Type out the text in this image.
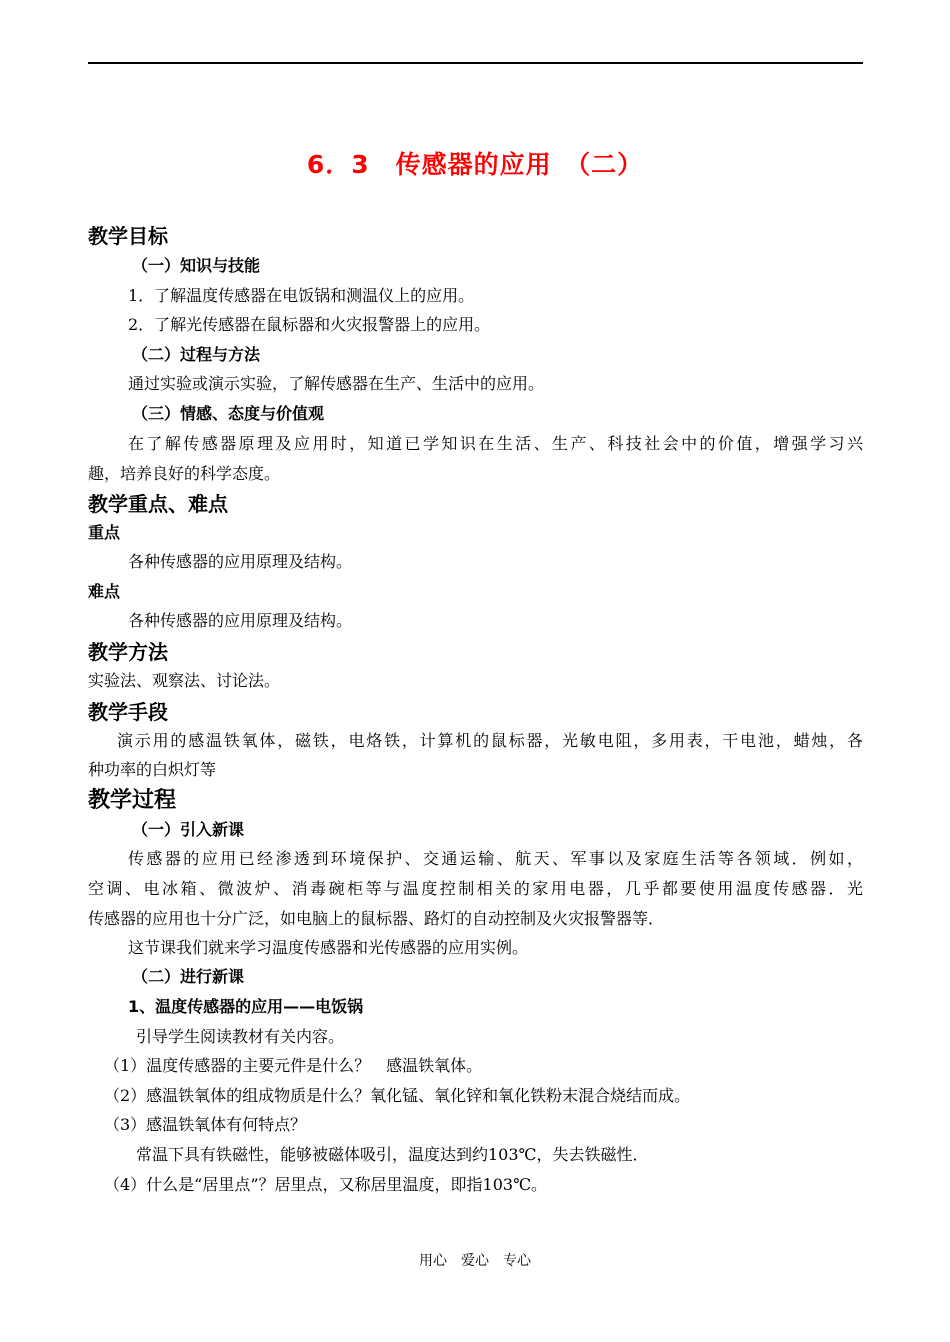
6．3　传感器的应用　（二）
教学目标
（一）知识与技能
1．了解温度传感器在电饭锅和测温仪上的应用。
2．了解光传感器在鼠标器和火灾报警器上的应用。
（二）过程与方法
通过实验或演示实验，了解传感器在生产、生活中的应用。
（三）情感、态度与价值观
在了解传感器原理及应用时，知道已学知识在生活、生产、科技社会中的价值，增强学习兴
趣，培养良好的科学态度。
教学重点、难点
重点
各种传感器的应用原理及结构。
难点
各种传感器的应用原理及结构。
教学方法
实验法、观察法、讨论法。
教学手段
演示用的感温铁氧体，磁铁，电烙铁，计算机的鼠标器，光敏电阻，多用表，干电池，蜡烛，各
种功率的白炽灯等
教学过程
（一）引入新课
传感器的应用已经渗透到环境保护、交通运输、航天、军事以及家庭生活等各领域．例如，
空调、电冰箱、微波炉、消毒碗柜等与温度控制相关的家用电器，几乎都要使用温度传感器．光
传感器的应用也十分广泛，如电脑上的鼠标器、路灯的自动控制及火灾报警器等．
这节课我们就来学习温度传感器和光传感器的应用实例。
（二）进行新课
1、温度传感器的应用——电饭锅
引导学生阅读教材有关内容。
（1）温度传感器的主要元件是什么？　感温铁氧体。
（2）感温铁氧体的组成物质是什么？氧化锰、氧化锌和氧化铁粉末混合烧结而成。
（3）感温铁氧体有何特点？
常温下具有铁磁性，能够被磁体吸引，温度达到约103℃，失去铁磁性．
（4）什么是“居里点”？居里点，又称居里温度，即指103℃。
用心　爱心　专心
